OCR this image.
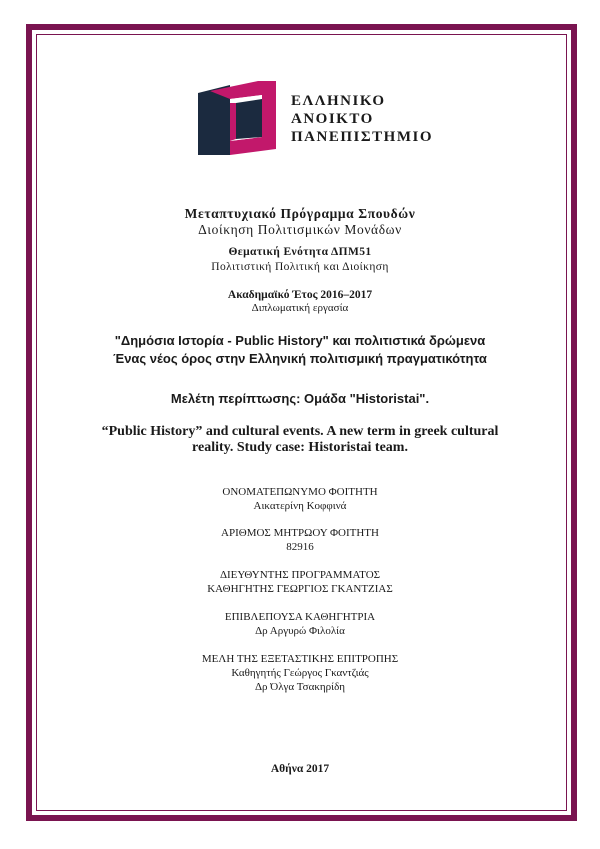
ΕΛΛΗΝΙΚΟ
ΑΝΟΙΚΤΟ
ΠΑΝΕΠΙΣΤΗΜΙΟ
Μεταπτυχιακό Πρόγραμμα Σπουδών
Διοίκηση Πολιτισμικών Μονάδων
Θεματική Ενότητα ΔΠΜ51
Πολιτιστική Πολιτική και Διοίκηση
Ακαδημαϊκό Έτος 2016–2017
Διπλωματική εργασία
"Δημόσια Ιστορία - Public History" και πολιτιστικά δρώμενα
Ένας νέος όρος στην Ελληνική πολιτισμική πραγματικότητα
Μελέτη περίπτωσης: Ομάδα "Historistai".
“Public History” and cultural events. A new term in greek cultural
reality. Study case: Historistai team.
ΟΝΟΜΑΤΕΠΩΝΥΜΟ ΦΟΙΤΗΤΗ
Αικατερίνη Κοφφινά
ΑΡΙΘΜΟΣ ΜΗΤΡΩΟΥ ΦΟΙΤΗΤΗ
82916
ΔΙΕΥΘΥΝΤΗΣ ΠΡΟΓΡΑΜΜΑΤΟΣ
ΚΑΘΗΓΗΤΗΣ ΓΕΩΡΓΙΟΣ ΓΚΑΝΤΖΙΑΣ
ΕΠΙΒΛΕΠΟΥΣΑ ΚΑΘΗΓΗΤΡΙΑ
Δρ Αργυρώ Φιλολία
ΜΕΛΗ ΤΗΣ ΕΞΕΤΑΣΤΙΚΗΣ ΕΠΙΤΡΟΠΗΣ
Καθηγητής Γεώργος Γκαντζιάς
Δρ Όλγα Τσακηρίδη
Αθήνα 2017
